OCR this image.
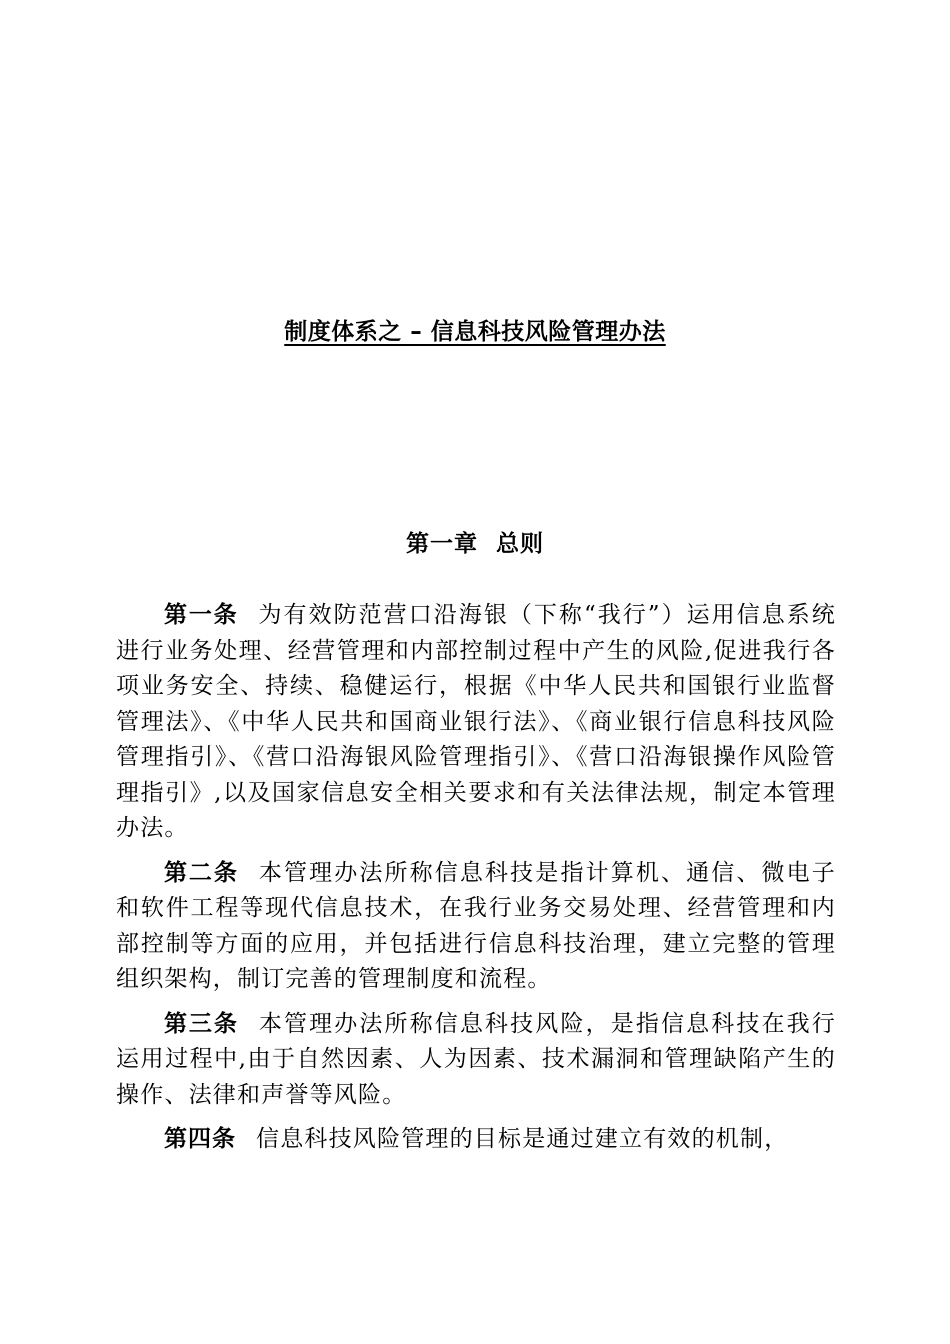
制度体系之 – 信息科技风险管理办法
第一章  总则

第一条 为有效防范营口沿海银（下称“我行”）运用信息系统进行业务处理、经营管理和内部控制过程中产生的风险,促进我行各项业务安全、持续、稳健运行，根据《中华人民共和国银行业监督管理法》、《中华人民共和国商业银行法》、《商业银行信息科技风险管理指引》、《营口沿海银风险管理指引》、《营口沿海银操作风险管理指引》,以及国家信息安全相关要求和有关法律法规，制定本管理办法。

第二条 本管理办法所称信息科技是指计算机、通信、微电子和软件工程等现代信息技术，在我行业务交易处理、经营管理和内部控制等方面的应用，并包括进行信息科技治理，建立完整的管理组织架构，制订完善的管理制度和流程。

第三条 本管理办法所称信息科技风险，是指信息科技在我行运用过程中,由于自然因素、人为因素、技术漏洞和管理缺陷产生的操作、法律和声誉等风险。

第四条 信息科技风险管理的目标是通过建立有效的机制，
